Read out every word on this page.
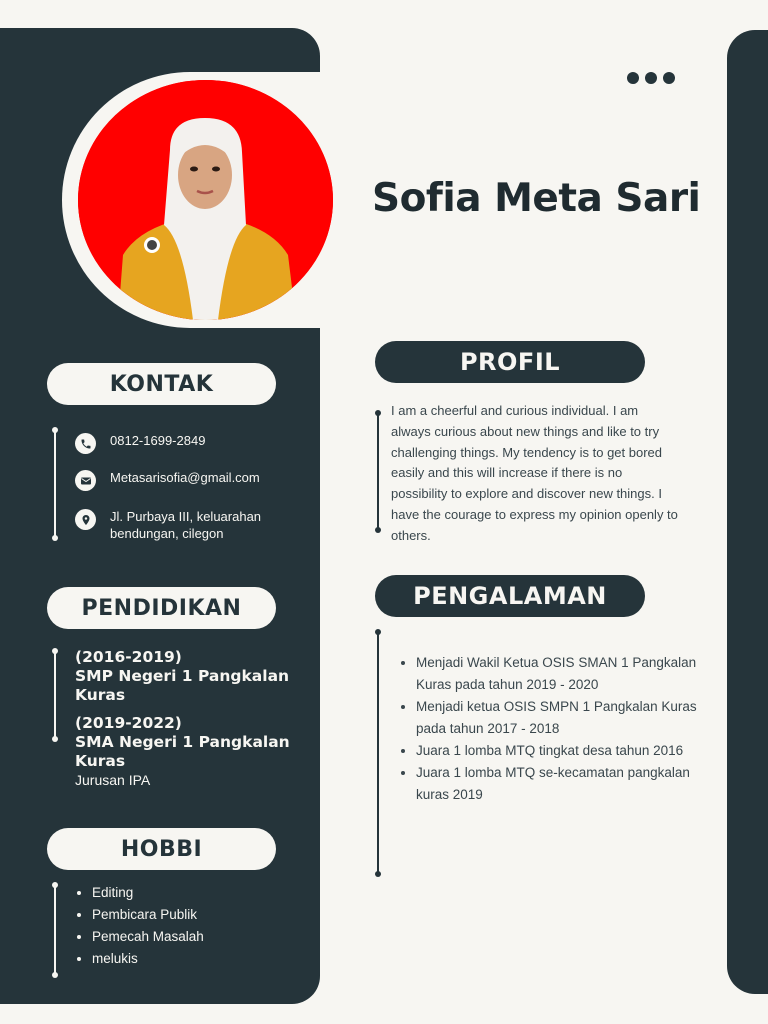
Sofia Meta Sari
KONTAK
0812-1699-2849
Metasarisofia@gmail.com
Jl. Purbaya III, keluarahan bendungan, cilegon
PENDIDIKAN
(2016-2019)
SMP Negeri 1 Pangkalan Kuras
(2019-2022)
SMA Negeri 1 Pangkalan Kuras
Jurusan IPA
HOBBI
• Editing
• Pembicara Publik
• Pemecah Masalah
• melukis
PROFIL
I am a cheerful and curious individual. I am always curious about new things and like to try challenging things. My tendency is to get bored easily and this will increase if there is no possibility to explore and discover new things. I have the courage to express my opinion openly to others.
PENGALAMAN
• Menjadi Wakil Ketua OSIS SMAN 1 Pangkalan Kuras pada tahun 2019 - 2020
• Menjadi ketua OSIS SMPN 1 Pangkalan Kuras pada tahun 2017 - 2018
• Juara 1 lomba MTQ tingkat desa tahun 2016
• Juara 1 lomba MTQ se-kecamatan pangkalan kuras 2019
